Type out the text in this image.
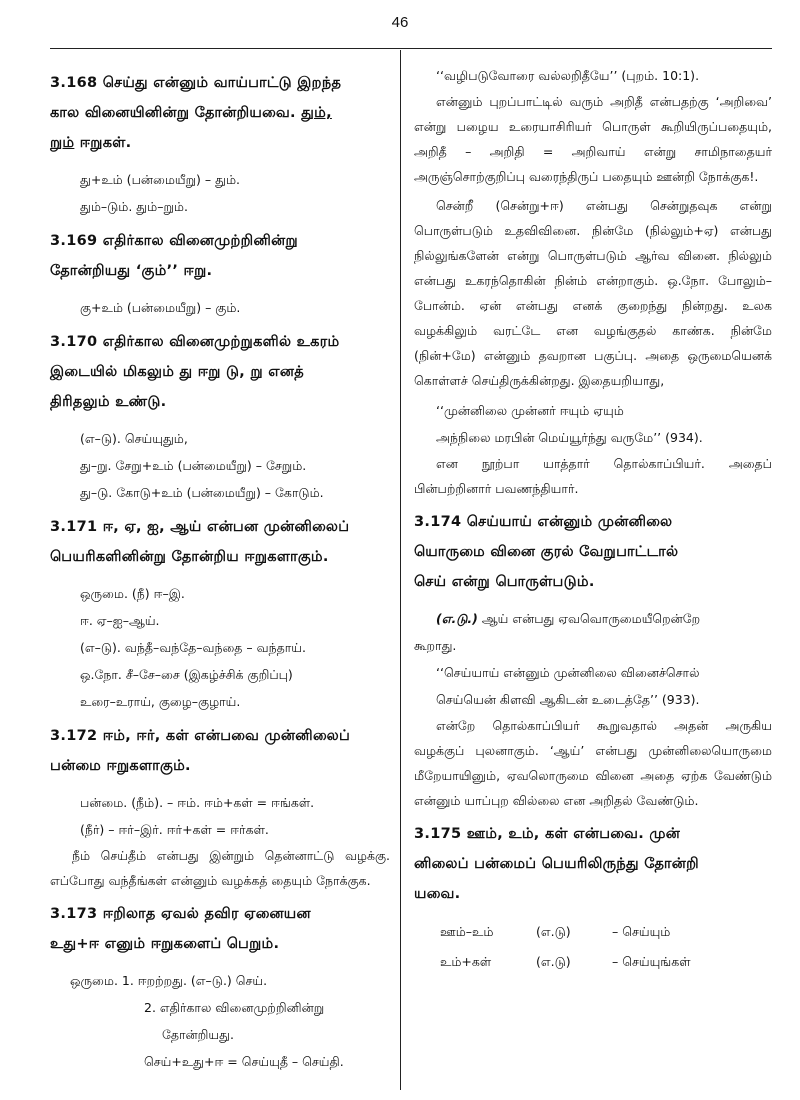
46
3.168 செய்து என்னும் வாய்பாட்டு இறந்த
கால வினையினின்று தோன்றியவை. தும்,
றும் ஈறுகள்.
து+உம் (பன்மையீறு) – தும்.
தும்–டும். தும்–றும்.
3.169 எதிர்கால வினைமுற்றினின்று
தோன்றியது ‘கும்’’ ஈறு.
கு+உம் (பன்மையீறு) – கும்.
3.170 எதிர்கால வினைமுற்றுகளில் உகரம்
இடையில் மிகலும் து ஈறு டு, று எனத்
திரிதலும் உண்டு.
(எ–டு). செய்யுதும்,
து–று. சேறு+உம் (பன்மையீறு) – சேறும்.
து–டு. கோடு+உம் (பன்மையீறு) – கோடும்.
3.171 ஈ, ஏ, ஐ, ஆய் என்பன முன்னிலைப்
பெயரிகளினின்று தோன்றிய ஈறுகளாகும்.
ஒருமை. (நீ) ஈ–இ.
ஈ. ஏ–ஐ–ஆய்.
(எ–டு). வந்தீ–வந்தே–வந்தை – வந்தாய்.
ஒ.நோ. சீ–சே–சை (இகழ்ச்சிக் குறிப்பு)
உரை–உராய், குழை–குழாய்.
3.172 ஈம், ஈர், கள் என்பவை முன்னிலைப்
பன்மை ஈறுகளாகும்.
பன்மை. (நீம்). – ஈம். ஈம்+கள் = ஈங்கள்.
(நீர்) – ஈர்–இர். ஈர்+கள் = ஈர்கள்.
நீம் செய்தீம் என்பது இன்றும் தென்னாட்டு வழக்கு. எப்போது வந்தீங்கள் என்னும் வழக்கத் தையும் நோக்குக.
3.173 ஈறிலாத ஏவல் தவிர ஏனையன
உது+ஈ எனும் ஈறுகளைப் பெறும்.
ஒருமை. 1. ஈறற்றது. (எ–டு.) செய்.
2. எதிர்கால வினைமுற்றினின்று
தோன்றியது.
செய்+உது+ஈ = செய்யுதீ – செய்தி.
‘‘வழிபடுவோரை வல்லறிதீயே’’ (புறம். 10:1).
என்னும் புறப்பாட்டில் வரும் அறிதீ என்பதற்கு ‘அறிவை’ என்று பழைய உரையாசிரியர் பொருள் கூறியிருப்பதையும், அறிதீ – அறிதி = அறிவாய் என்று சாமிநாதையர் அருஞ்சொற்குறிப்பு வரைந்திருப் பதையும் ஊன்றி நோக்குக!.
சென்றீ (சென்று+ஈ) என்பது சென்றுதவுக என்று பொருள்படும் உதவிவினை. நின்மே (நில்லும்+ஏ) என்பது நில்லுங்களேன் என்று பொருள்படும் ஆர்வ வினை. நில்லும் என்பது உகரந்தொகின் நின்ம் என்றாகும். ஒ.நோ. போலும்–போன்ம். ஏன் என்பது எனக் குறைந்து நின்றது. உலக வழக்கிலும் வரட்டே என வழங்குதல் காண்க. நின்மே (நின்+மே) என்னும் தவறான பகுப்பு. அதை ஒருமையெனக் கொள்ளச் செய்திருக்கின்றது. இதையறியாது,
‘‘முன்னிலை முன்னர் ஈயும் ஏயும்
அந்நிலை மரபின் மெய்யூர்ந்து வருமே’’ (934).
என நூற்பா யாத்தார் தொல்காப்பியர். அதைப் பின்பற்றினார் பவணந்தியார்.
3.174 செய்யாய் என்னும் முன்னிலை
யொருமை வினை குரல் வேறுபாட்டால்
செய் என்று பொருள்படும்.
(எ.டு.) ஆய் என்பது ஏவவொருமையீறென்றே
கூறாது.
‘‘செய்யாய் என்னும் முன்னிலை வினைச்சொல்
செய்யென் கிளவி ஆகிடன் உடைத்தே’’ (933).
என்றே தொல்காப்பியர் கூறுவதால் அதன் அருகிய வழக்குப் புலனாகும். ‘ஆய்’ என்பது முன்னிலையொருமை மீறேயாயினும், ஏவலொருமை வினை அதை ஏற்க வேண்டும் என்னும் யாப்புற வில்லை என அறிதல் வேண்டும்.
3.175 ஊம், உம், கள் என்பவை. முன்
னிலைப் பன்மைப் பெயரிலிருந்து தோன்றி
யவை.
ஊம்–உம்	(எ.டு)	– செய்யும்
உம்+கள்	(எ.டு)	– செய்யுங்கள்
